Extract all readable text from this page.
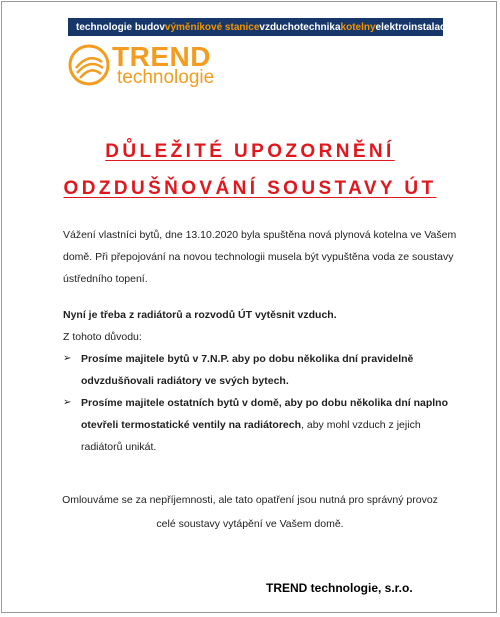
technologie budov výměníkové stanice vzduchotechnika kotelny elektroinstalace
TREND
technologie
DŮLEŽITÉ UPOZORNĚNÍ
ODZDUŠŇOVÁNÍ SOUSTAVY ÚT

Vážení vlastníci bytů, dne 13.10.2020 byla spuštěna nová plynová kotelna ve Vašem domě. Při přepojování na novou technologii musela být vypuštěna voda ze soustavy ústředního topení.

Nyní je třeba z radiátorů a rozvodů ÚT vytěsnit vzduch.

Z tohoto důvodu:

➢ Prosíme majitele bytů v 7.N.P. aby po dobu několika dní pravidelně odvzdušňovali radiátory ve svých bytech.
➢ Prosíme majitele ostatních bytů v domě, aby po dobu několika dní naplno otevřeli termostatické ventily na radiátorech, aby mohl vzduch z jejich radiátorů unikát.
Omlouváme se za nepříjemnosti, ale tato opatření jsou nutná pro správný provoz
celé soustavy vytápění ve Vašem domě.
TREND technologie, s.r.o.
